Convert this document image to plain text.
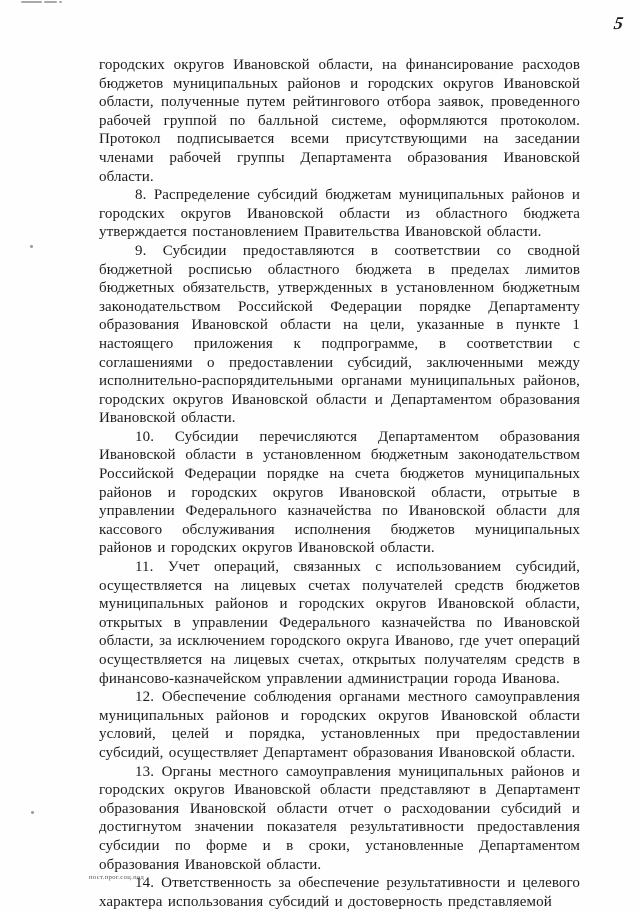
5

городских округов Ивановской области, на финансирование расходов бюджетов муниципальных районов и городских округов Ивановской области, полученные путем рейтингового отбора заявок, проведенного рабочей группой по балльной системе, оформляются протоколом. Протокол подписывается всеми присутствующими на заседании членами рабочей группы Департамента образования Ивановской области.

8. Распределение субсидий бюджетам муниципальных районов и городских округов Ивановской области из областного бюджета утверждается постановлением Правительства Ивановской области.

9. Субсидии предоставляются в соответствии со сводной бюджетной росписью областного бюджета в пределах лимитов бюджетных обязательств, утвержденных в установленном бюджетным законодательством Российской Федерации порядке Департаменту образования Ивановской области на цели, указанные в пункте 1 настоящего приложения к подпрограмме, в соответствии с соглашениями о предоставлении субсидий, заключенными между исполнительно-распорядительными органами муниципальных районов, городских округов Ивановской области и Департаментом образования Ивановской области.

10. Субсидии перечисляются Департаментом образования Ивановской области в установленном бюджетным законодательством Российской Федерации порядке на счета бюджетов муниципальных районов и городских округов Ивановской области, отрытые в управлении Федерального казначейства по Ивановской области для кассового обслуживания исполнения бюджетов муниципальных районов и городских округов Ивановской области.

11. Учет операций, связанных с использованием субсидий, осуществляется на лицевых счетах получателей средств бюджетов муниципальных районов и городских округов Ивановской области, открытых в управлении Федерального казначейства по Ивановской области, за исключением городского округа Иваново, где учет операций осуществляется на лицевых счетах, открытых получателям средств в финансово-казначейском управлении администрации города Иванова.

12. Обеспечение соблюдения органами местного самоуправления муниципальных районов и городских округов Ивановской области условий, целей и порядка, установленных при предоставлении субсидий, осуществляет Департамент образования Ивановской области.

13. Органы местного самоуправления муниципальных районов и городских округов Ивановской области представляют в Департамент образования Ивановской области отчет о расходовании субсидий и достигнутом значении показателя результативности предоставления субсидии по форме и в сроки, установленные Департаментом образования Ивановской области.

14. Ответственность за обеспечение результативности и целевого характера использования субсидий и достоверность представляемой

пост.прог.соц.под
